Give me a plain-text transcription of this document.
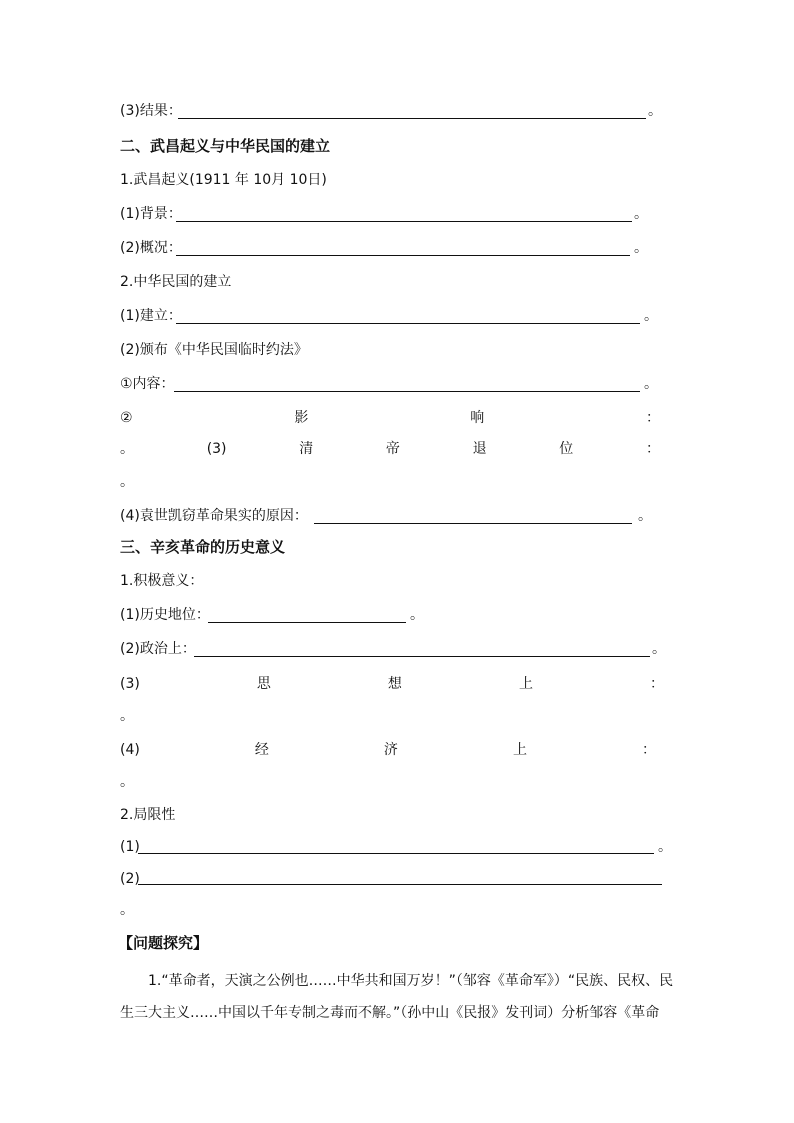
(3)结果：	。
二、武昌起义与中华民国的建立
1.武昌起义(1911 年 10月 10日)
(1)背景：	。
(2)概况：	。
2.中华民国的建立
(1)建立：	。
(2)颁布《中华民国临时约法》
①内容：	。
②	影	响	：
。	(3)	清	帝	退	位	：
。
(4)袁世凯窃革命果实的原因：	。
三、辛亥革命的历史意义
1.积极意义：
(1)历史地位：	。
(2)政治上：	。
(3)	思	想	上	：
。
(4)	经	济	上	：
。
2.局限性
(1)	。
(2)
。
【问题探究】
1.“革命者，天演之公例也……中华共和国万岁！”（邹容《革命军》）“民族、民权、民生三大主义……中国以千年专制之毒而不解。”（孙中山《民报》发刊词）分析邹容《革命
